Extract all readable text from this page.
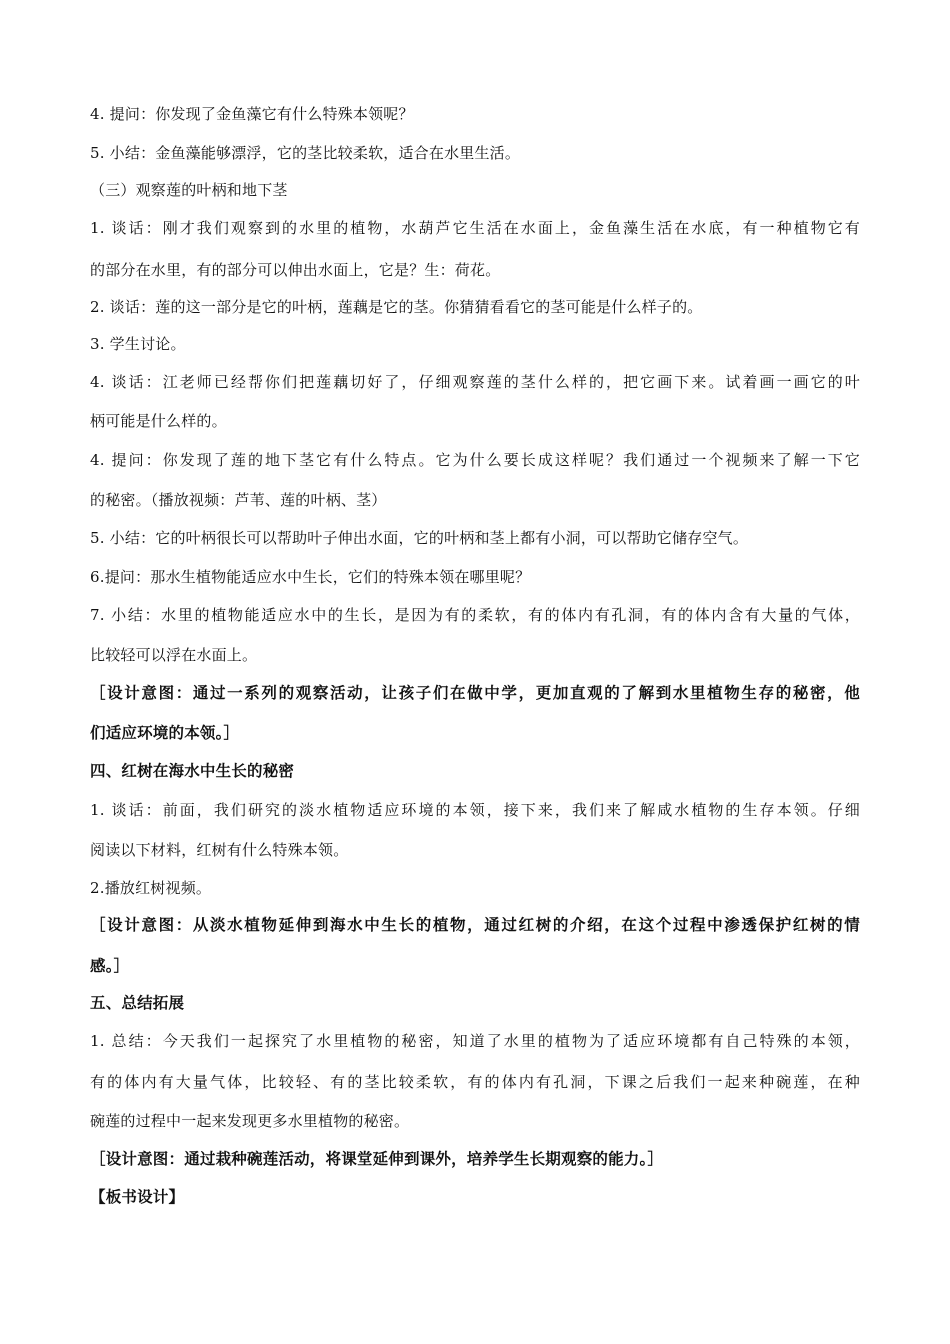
4. 提问：你发现了金鱼藻它有什么特殊本领呢？
5. 小结：金鱼藻能够漂浮，它的茎比较柔软，适合在水里生活。
（三）观察莲的叶柄和地下茎
1. 谈话：刚才我们观察到的水里的植物，水葫芦它生活在水面上，金鱼藻生活在水底，有一种植物它有
的部分在水里，有的部分可以伸出水面上，它是？生：荷花。
2. 谈话：莲的这一部分是它的叶柄，莲藕是它的茎。你猜猜看看它的茎可能是什么样子的。
3. 学生讨论。
4. 谈话：江老师已经帮你们把莲藕切好了，仔细观察莲的茎什么样的，把它画下来。试着画一画它的叶
柄可能是什么样的。
4. 提问：你发现了莲的地下茎它有什么特点。它为什么要长成这样呢？我们通过一个视频来了解一下它
的秘密。（播放视频：芦苇、莲的叶柄、茎）
5. 小结：它的叶柄很长可以帮助叶子伸出水面，它的叶柄和茎上都有小洞，可以帮助它储存空气。
6.提问：那水生植物能适应水中生长，它们的特殊本领在哪里呢？
7. 小结：水里的植物能适应水中的生长，是因为有的柔软，有的体内有孔洞，有的体内含有大量的气体，
比较轻可以浮在水面上。
［设计意图：通过一系列的观察活动，让孩子们在做中学，更加直观的了解到水里植物生存的秘密，他
们适应环境的本领。］
四、红树在海水中生长的秘密
1. 谈话：前面，我们研究的淡水植物适应环境的本领，接下来，我们来了解咸水植物的生存本领。仔细
阅读以下材料，红树有什么特殊本领。
2.播放红树视频。
［设计意图：从淡水植物延伸到海水中生长的植物，通过红树的介绍，在这个过程中渗透保护红树的情
感。］
五、总结拓展
1. 总结：今天我们一起探究了水里植物的秘密，知道了水里的植物为了适应环境都有自己特殊的本领，
有的体内有大量气体，比较轻、有的茎比较柔软，有的体内有孔洞，下课之后我们一起来种碗莲，在种
碗莲的过程中一起来发现更多水里植物的秘密。
［设计意图：通过栽种碗莲活动，将课堂延伸到课外，培养学生长期观察的能力。］
【板书设计】
